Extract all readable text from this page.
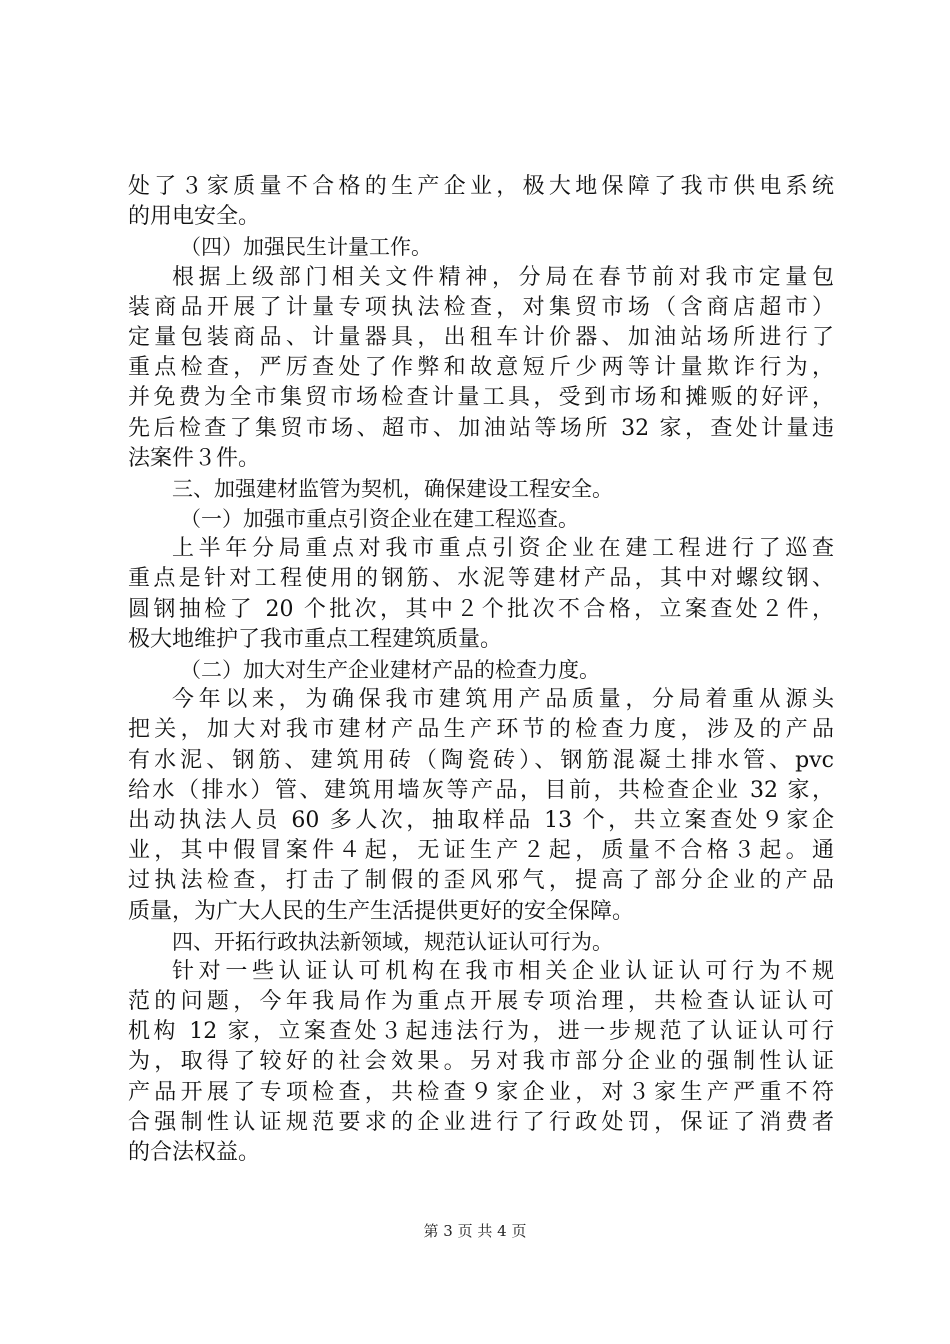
处了３家质量不合格的生产企业，极大地保障了我市供电系统
的用电安全。
（四）加强民生计量工作。
根据上级部门相关文件精神，分局在春节前对我市定量包
装商品开展了计量专项执法检查，对集贸市场（含商店超市）
定量包装商品、计量器具，出租车计价器、加油站场所进行了
重点检查，严厉查处了作弊和故意短斤少两等计量欺诈行为，
并免费为全市集贸市场检查计量工具，受到市场和摊贩的好评，
先后检查了集贸市场、超市、加油站等场所 32 家，查处计量违
法案件３件。
三、加强建材监管为契机，确保建设工程安全。
（一）加强市重点引资企业在建工程巡查。
上半年分局重点对我市重点引资企业在建工程进行了巡查
重点是针对工程使用的钢筋、水泥等建材产品，其中对螺纹钢、
圆钢抽检了 20 个批次，其中２个批次不合格，立案查处２件，
极大地维护了我市重点工程建筑质量。
（二）加大对生产企业建材产品的检查力度。
今年以来，为确保我市建筑用产品质量，分局着重从源头
把关，加大对我市建材产品生产环节的检查力度，涉及的产品
有水泥、钢筋、建筑用砖（陶瓷砖）、钢筋混凝土排水管、pvc
给水（排水）管、建筑用墙灰等产品，目前，共检查企业 32 家，
出动执法人员 60 多人次，抽取样品 13 个，共立案查处９家企
业，其中假冒案件４起，无证生产２起，质量不合格３起。通
过执法检查，打击了制假的歪风邪气，提高了部分企业的产品
质量，为广大人民的生产生活提供更好的安全保障。
四、开拓行政执法新领域，规范认证认可行为。
针对一些认证认可机构在我市相关企业认证认可行为不规
范的问题，今年我局作为重点开展专项治理，共检查认证认可
机构 12 家，立案查处３起违法行为，进一步规范了认证认可行
为，取得了较好的社会效果。另对我市部分企业的强制性认证
产品开展了专项检查，共检查９家企业，对３家生产严重不符
合强制性认证规范要求的企业进行了行政处罚，保证了消费者
的合法权益。
第 3 页 共 4 页
